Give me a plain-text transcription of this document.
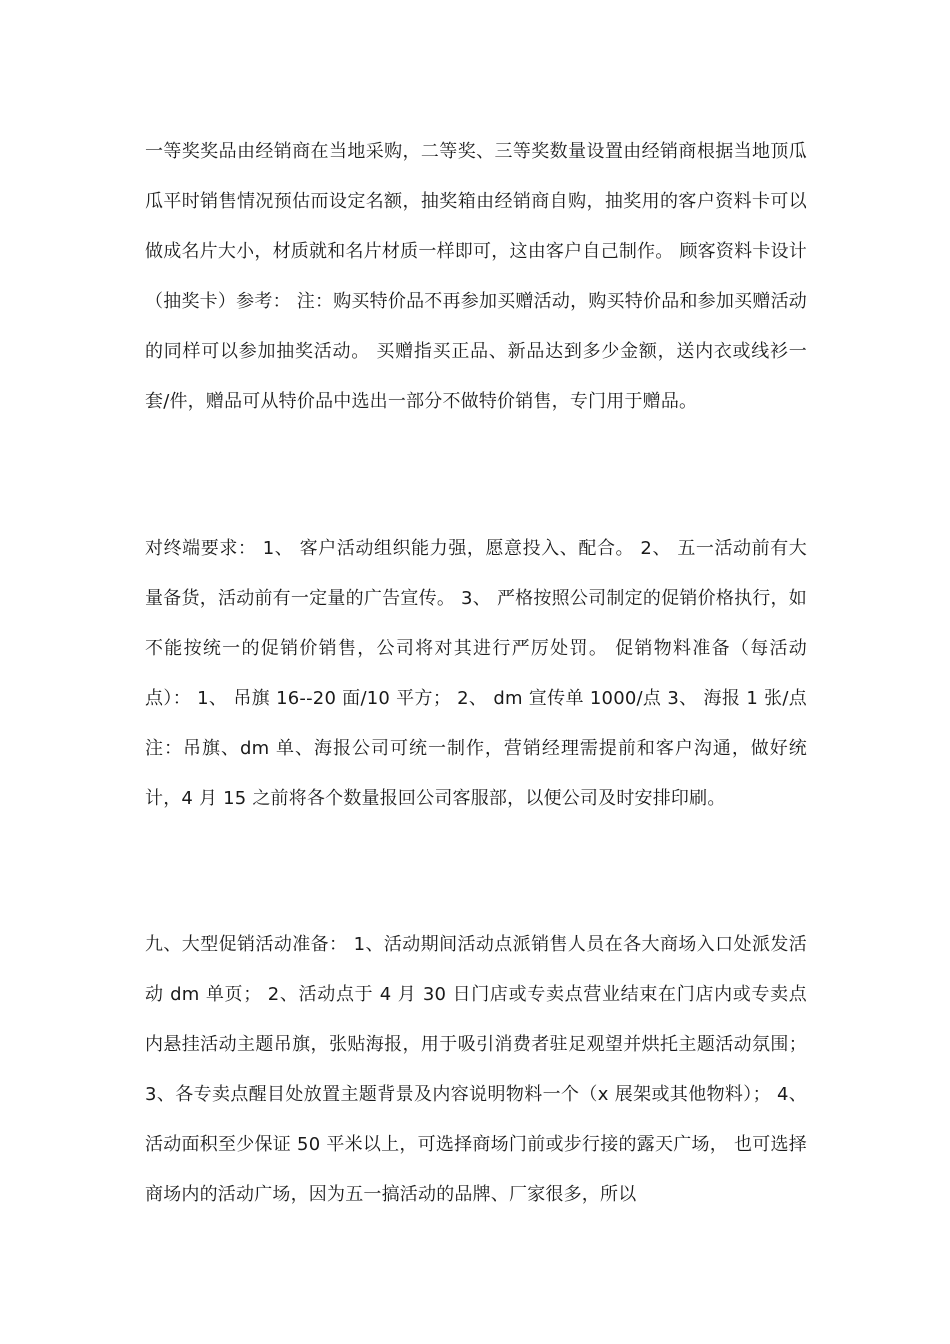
一等奖奖品由经销商在当地采购，二等奖、三等奖数量设置由经销商根据当地顶瓜瓜平时销售情况预估而设定名额，抽奖箱由经销商自购，抽奖用的客户资料卡可以做成名片大小，材质就和名片材质一样即可，这由客户自己制作。 顾客资料卡设计（抽奖卡）参考： 注：购买特价品不再参加买赠活动，购买特价品和参加买赠活动的同样可以参加抽奖活动。 买赠指买正品、新品达到多少金额，送内衣或线衫一套/件，赠品可从特价品中选出一部分不做特价销售，专门用于赠品。

对终端要求： 1、 客户活动组织能力强，愿意投入、配合。 2、 五一活动前有大量备货，活动前有一定量的广告宣传。 3、 严格按照公司制定的促销价格执行，如不能按统一的促销价销售，公司将对其进行严厉处罚。 促销物料准备（每活动点）： 1、 吊旗 16--20 面/10 平方； 2、 dm 宣传单 1000/点 3、 海报 1 张/点注：吊旗、dm 单、海报公司可统一制作，营销经理需提前和客户沟通，做好统计，4 月 15 之前将各个数量报回公司客服部，以便公司及时安排印刷。

九、大型促销活动准备： 1、活动期间活动点派销售人员在各大商场入口处派发活动 dm 单页； 2、活动点于 4 月 30 日门店或专卖点营业结束在门店内或专卖点内悬挂活动主题吊旗，张贴海报，用于吸引消费者驻足观望并烘托主题活动氛围； 3、各专卖点醒目处放置主题背景及内容说明物料一个（x 展架或其他物料）； 4、活动面积至少保证 50 平米以上，可选择商场门前或步行接的露天广场， 也可选择商场内的活动广场，因为五一搞活动的品牌、厂家很多，所以
